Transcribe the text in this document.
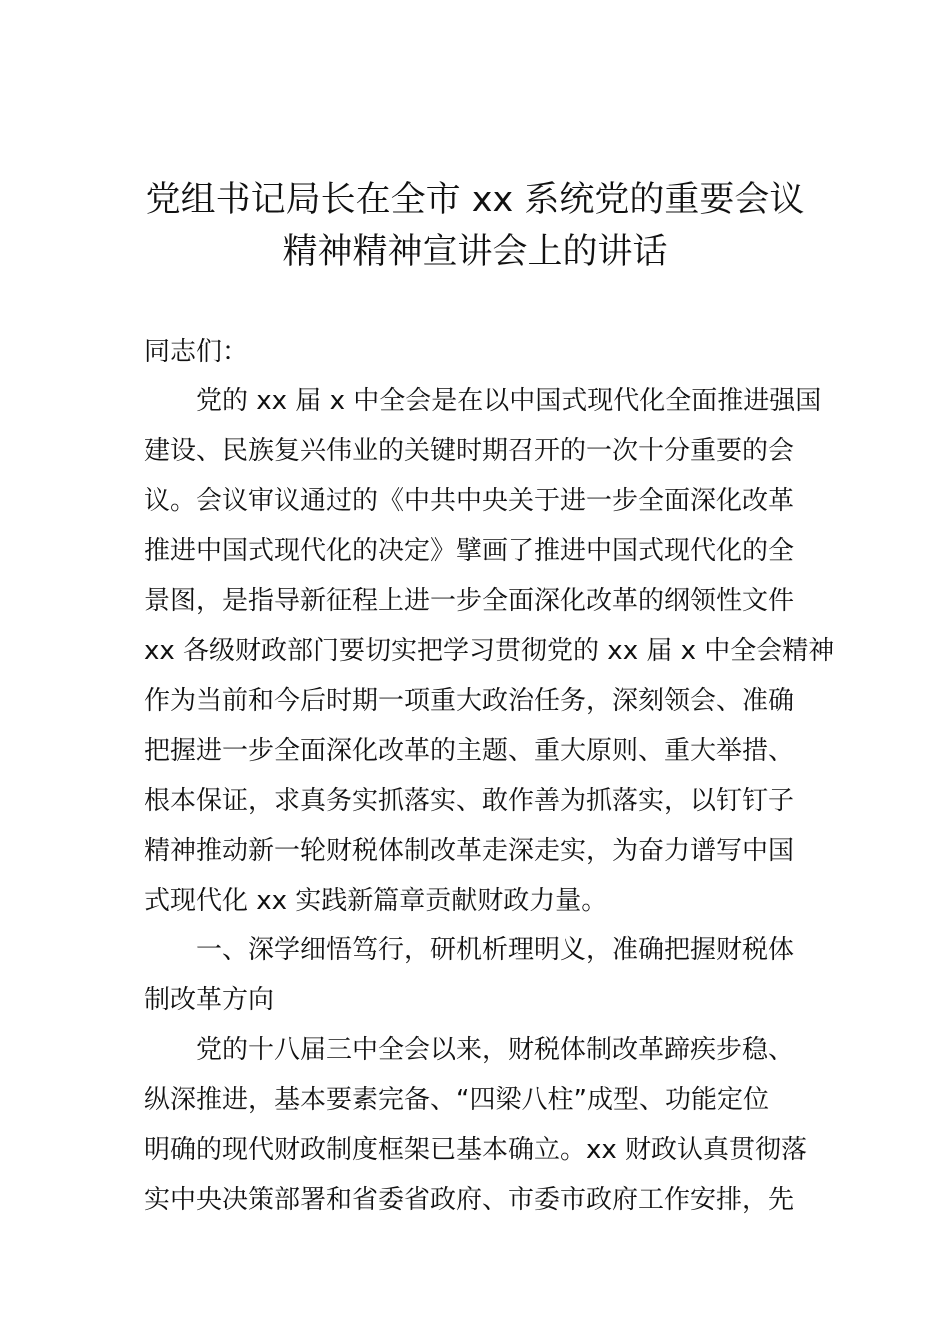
党组书记局长在全市 xx 系统党的重要会议
精神精神宣讲会上的讲话
同志们：
党的 xx 届 x 中全会是在以中国式现代化全面推进强国
建设、民族复兴伟业的关键时期召开的一次十分重要的会
议。会议审议通过的《中共中央关于进一步全面深化改革
推进中国式现代化的决定》擘画了推进中国式现代化的全
景图，是指导新征程上进一步全面深化改革的纲领性文件
xx 各级财政部门要切实把学习贯彻党的 xx 届 x 中全会精神
作为当前和今后时期一项重大政治任务，深刻领会、准确
把握进一步全面深化改革的主题、重大原则、重大举措、
根本保证，求真务实抓落实、敢作善为抓落实，以钉钉子
精神推动新一轮财税体制改革走深走实，为奋力谱写中国
式现代化 xx 实践新篇章贡献财政力量。
一、深学细悟笃行，研机析理明义，准确把握财税体
制改革方向
党的十八届三中全会以来，财税体制改革蹄疾步稳、
纵深推进，基本要素完备、“四梁八柱”成型、功能定位
明确的现代财政制度框架已基本确立。xx 财政认真贯彻落
实中央决策部署和省委省政府、市委市政府工作安排，先
